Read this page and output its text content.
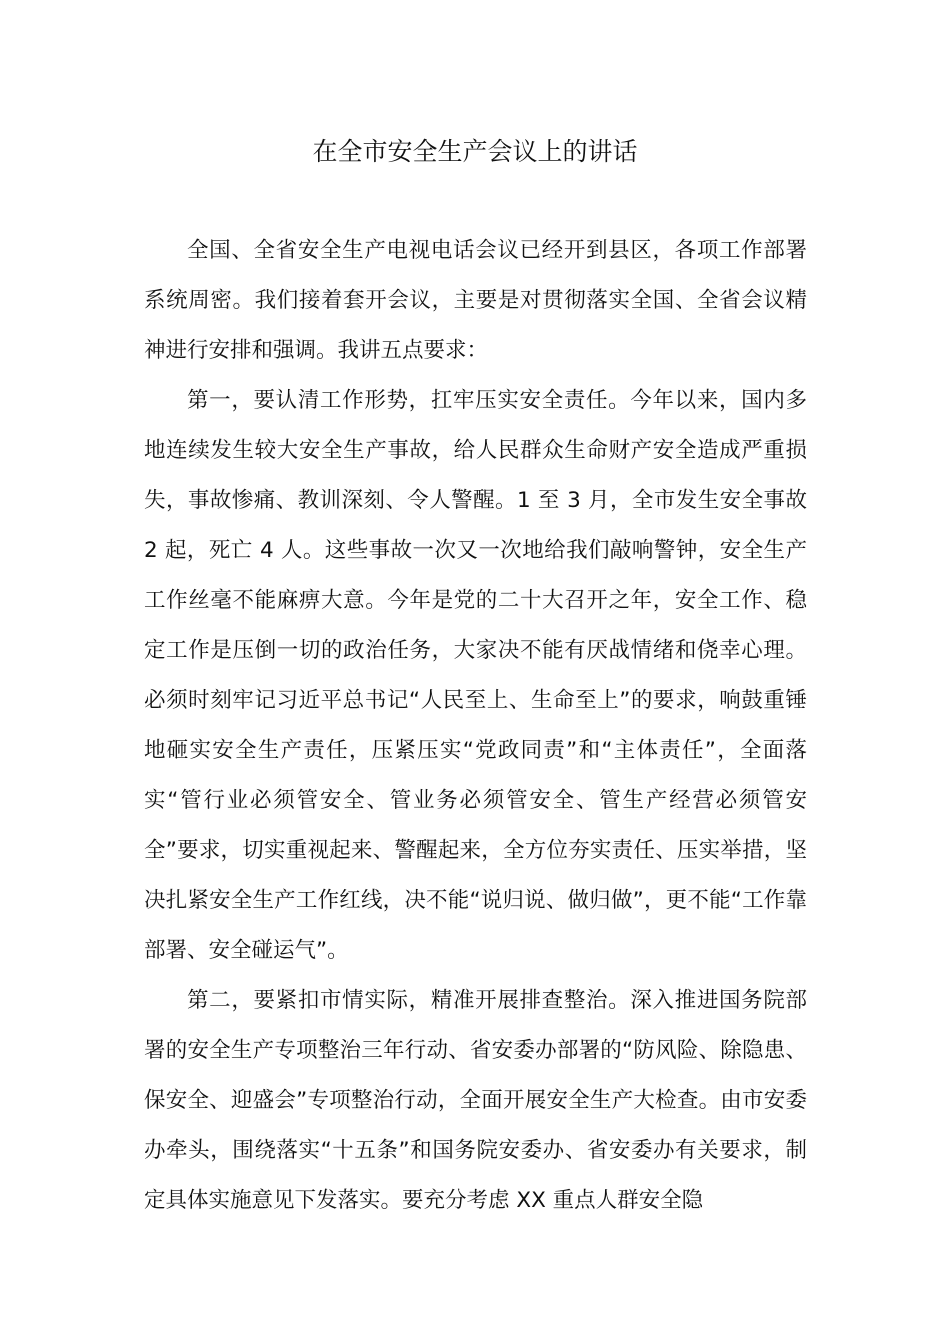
在全市安全生产会议上的讲话

全国、全省安全生产电视电话会议已经开到县区，各项工作部署系统周密。我们接着套开会议，主要是对贯彻落实全国、全省会议精神进行安排和强调。我讲五点要求：

第一，要认清工作形势，扛牢压实安全责任。今年以来，国内多地连续发生较大安全生产事故，给人民群众生命财产安全造成严重损失，事故惨痛、教训深刻、令人警醒。1 至 3 月，全市发生安全事故 2 起，死亡 4 人。这些事故一次又一次地给我们敲响警钟，安全生产工作丝毫不能麻痹大意。今年是党的二十大召开之年，安全工作、稳定工作是压倒一切的政治任务，大家决不能有厌战情绪和侥幸心理。必须时刻牢记习近平总书记“人民至上、生命至上”的要求，响鼓重锤地砸实安全生产责任，压紧压实“党政同责”和“主体责任”，全面落实“管行业必须管安全、管业务必须管安全、管生产经营必须管安全”要求，切实重视起来、警醒起来，全方位夯实责任、压实举措，坚决扎紧安全生产工作红线，决不能“说归说、做归做”，更不能“工作靠部署、安全碰运气”。

第二，要紧扣市情实际，精准开展排查整治。深入推进国务院部署的安全生产专项整治三年行动、省安委办部署的“防风险、除隐患、保安全、迎盛会”专项整治行动，全面开展安全生产大检查。由市安委办牵头，围绕落实“十五条”和国务院安委办、省安委办有关要求，制定具体实施意见下发落实。要充分考虑 XX 重点人群安全隐
